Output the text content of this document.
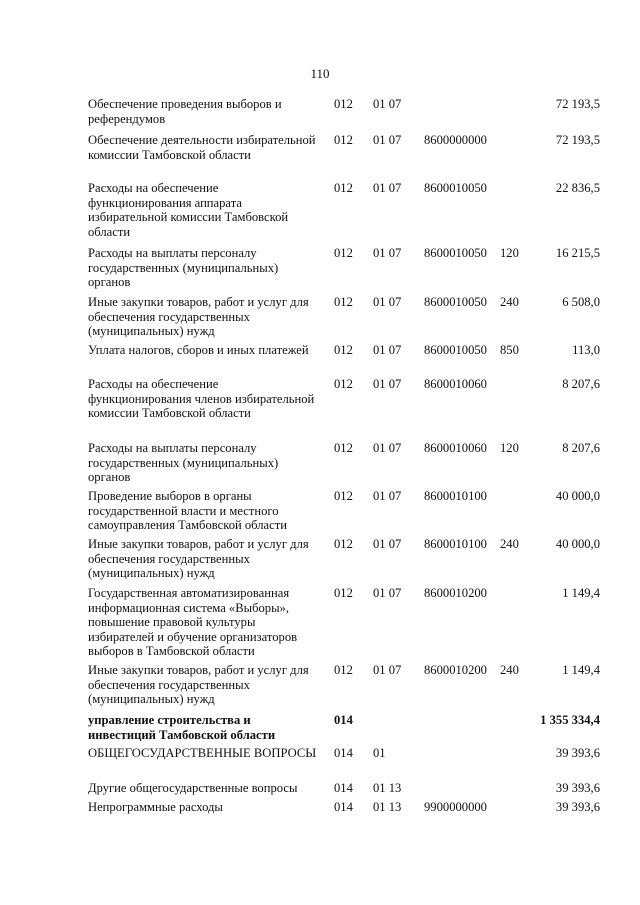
110
Обеспечение проведения выборов и референдумов
012 01 07	72 193,5
Обеспечение деятельности избирательной комиссии Тамбовской области
012 01 07 8600000000	72 193,5
Расходы на обеспечение функционирования аппарата избирательной комиссии Тамбовской области
012 01 07 8600010050	22 836,5
Расходы на выплаты персоналу государственных (муниципальных) органов
012 01 07 8600010050 120	16 215,5
Иные закупки товаров, работ и услуг для обеспечения государственных (муниципальных) нужд
012 01 07 8600010050 240	6 508,0
Уплата налогов, сборов и иных платежей	012 01 07 8600010050 850	113,0
Расходы на обеспечение функционирования членов избирательной комиссии Тамбовской области
012 01 07 8600010060	8 207,6
Расходы на выплаты персоналу государственных (муниципальных) органов
012 01 07 8600010060 120	8 207,6
Проведение выборов в органы государственной власти и местного самоуправления Тамбовской области
012 01 07 8600010100	40 000,0
Иные закупки товаров, работ и услуг для обеспечения государственных (муниципальных) нужд
012 01 07 8600010100 240	40 000,0
Государственная автоматизированная информационная система «Выборы», повышение правовой культуры избирателей и обучение организаторов выборов в Тамбовской области
012 01 07 8600010200	1 149,4
Иные закупки товаров, работ и услуг для обеспечения государственных (муниципальных) нужд
012 01 07 8600010200 240	1 149,4
управление строительства и инвестиций Тамбовской области
014	1 355 334,4
ОБЩЕГОСУДАРСТВЕННЫЕ ВОПРОСЫ 014 01	39 393,6
Другие общегосударственные вопросы	014 01 13	39 393,6
Непрограммные расходы	014 01 13 9900000000	39 393,6
